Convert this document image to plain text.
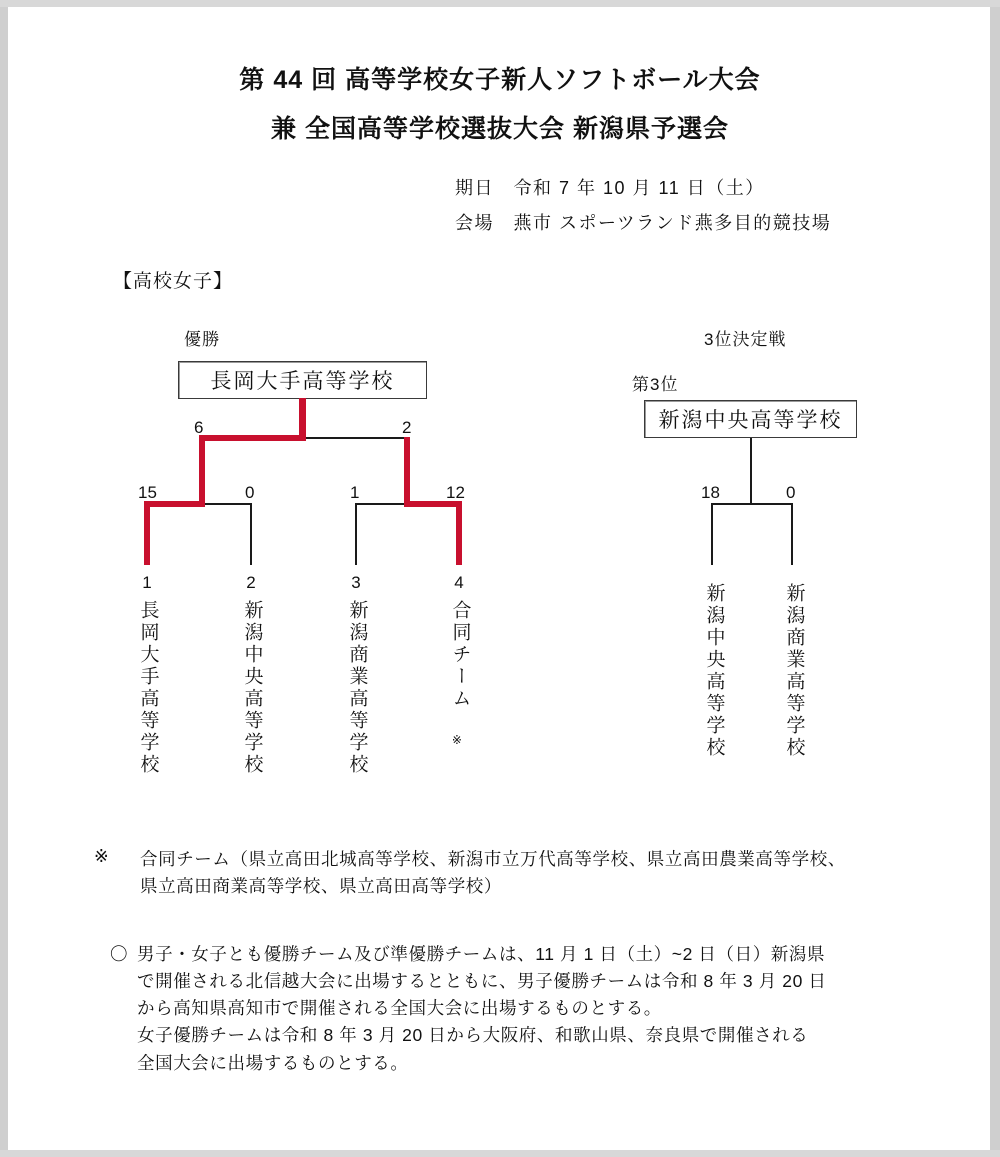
第 44 回 高等学校女子新人ソフトボール大会
兼 全国高等学校選抜大会 新潟県予選会
期日　令和 7 年 10 月 11 日（土）
会場　燕市 スポーツランド燕多目的競技場
【高校女子】
優勝
長岡大手高等学校
6	2
15	0	1	12
1	2	3	4
長岡大手高等学校	新潟中央高等学校	新潟商業高等学校	合同チーム
※
3位決定戦
第3位
新潟中央高等学校
18	0
新潟中央高等学校	新潟商業高等学校
※ 合同チーム（県立高田北城高等学校、新潟市立万代高等学校、県立高田農業高等学校、
県立高田商業高等学校、県立高田高等学校）
〇 男子・女子とも優勝チーム及び準優勝チームは、11 月 1 日（土）~2 日（日）新潟県
で開催される北信越大会に出場するとともに、男子優勝チームは令和 8 年 3 月 20 日
から高知県高知市で開催される全国大会に出場するものとする。
女子優勝チームは令和 8 年 3 月 20 日から大阪府、和歌山県、奈良県で開催される
全国大会に出場するものとする。
